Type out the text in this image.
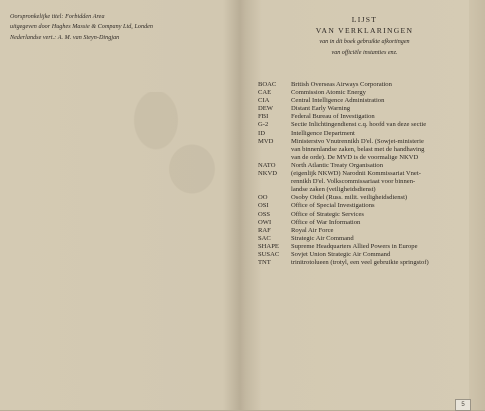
Oorspronkelijke titel: Forbidden Area
uitgegeven door Hughes Massie & Company Ltd, Londen
Nederlandse vert.: A. M. van Steyn-Dingjan
LIJST
VAN VERKLARINGEN
van in dit boek gebruikte afkortingen
van officiële instanties enz.
BOAC	British Overseas Airways Corporation
CAE	Commission Atomic Energy
CIA	Central Intelligence Administration
DEW	Distant Early Warning
FBI	Federal Bureau of Investigation
G-2	Sectie Inlichtingendienst c.q. hoofd van deze sectie
ID	Intelligence Department
MVD	Ministerstvo Vnutrennikh D'el. (Sowjet-ministerie
van binnenlandse zaken, belast met de handhaving
van de orde). De MVD is de voormalige NKVD
NATO	North Atlantic Treaty Organisation
NKVD	(eigenlijk NKWD) Narodnii Kommissariat Vnet-
rennikh D'el. Volkscommissariaat voor binnen-
landse zaken (veiligheidsdienst)
OO	Osoby Otdel (Russ. milit. veiligheidsdienst)
OSI	Office of Special Investigations
OSS	Office of Strategic Services
OWI	Office of War Information
RAF	Royal Air Force
SAC	Strategic Air Command
SHAPE	Supreme Headquarters Allied Powers in Europe
SUSAC	Sovjet Union Strategic Air Command
TNT	trinitrotolueen (trotyl, een veel gebruikte springstof)
5
